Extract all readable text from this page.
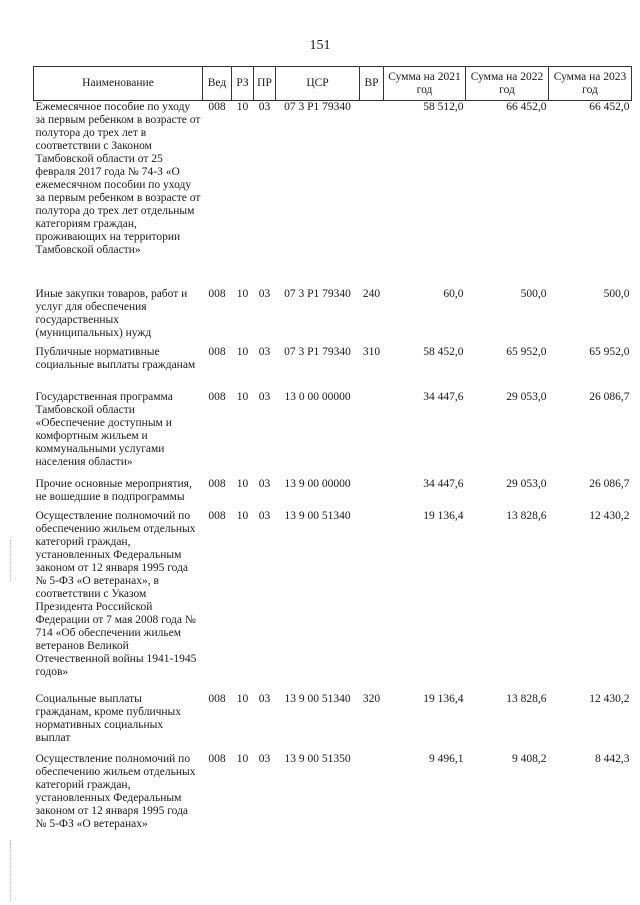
151
Наименование	Вед	РЗ	ПР	ЦСР	ВР	Сумма на 2021 год	Сумма на 2022 год	Сумма на 2023 год
Ежемесячное пособие по уходу за первым ребенком в возрасте от полутора до трех лет в соответствии с Законом Тамбовской области от 25 февраля 2017 года № 74-З «О ежемесячном пособии по уходу за первым ребенком в возрасте от полутора до трех лет отдельным категориям граждан, проживающих на территории Тамбовской области»	008	10	03	07 3 P1 79340		58 512,0	66 452,0	66 452,0
Иные закупки товаров, работ и услуг для обеспечения государственных (муниципальных) нужд	008	10	03	07 3 P1 79340	240	60,0	500,0	500,0
Публичные нормативные социальные выплаты гражданам	008	10	03	07 3 P1 79340	310	58 452,0	65 952,0	65 952,0
Государственная программа Тамбовской области «Обеспечение доступным и комфортным жильем и коммунальными услугами населения области»	008	10	03	13 0 00 00000		34 447,6	29 053,0	26 086,7
Прочие основные мероприятия, не вошедшие в подпрограммы	008	10	03	13 9 00 00000		34 447,6	29 053,0	26 086,7
Осуществление полномочий по обеспечению жильем отдельных категорий граждан, установленных Федеральным законом от 12 января 1995 года № 5-ФЗ «О ветеранах», в соответствии с Указом Президента Российской Федерации от 7 мая 2008 года № 714 «Об обеспечении жильем ветеранов Великой Отечественной войны 1941-1945 годов»	008	10	03	13 9 00 51340		19 136,4	13 828,6	12 430,2
Социальные выплаты гражданам, кроме публичных нормативных социальных выплат	008	10	03	13 9 00 51340	320	19 136,4	13 828,6	12 430,2
Осуществление полномочий по обеспечению жильем отдельных категорий граждан, установленных Федеральным законом от 12 января 1995 года № 5-ФЗ «О ветеранах»	008	10	03	13 9 00 51350		9 496,1	9 408,2	8 442,3
